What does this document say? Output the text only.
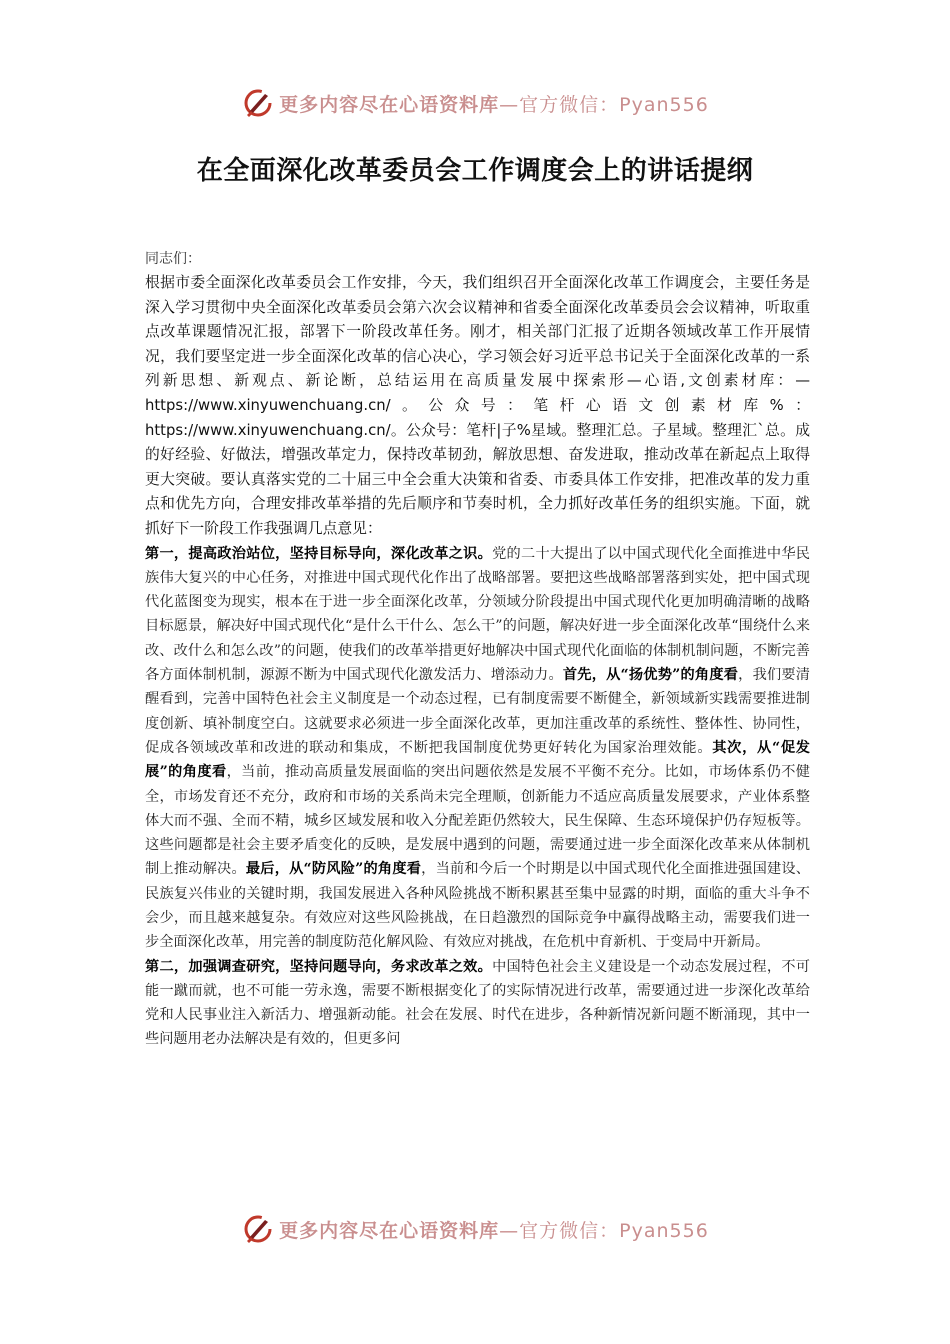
更多内容尽在心语资料库—官方微信：Pyan556
在全面深化改革委员会工作调度会上的讲话提纲

同志们：

根据市委全面深化改革委员会工作安排，今天，我们组织召开全面深化改革工作调度会，主要任务是深入学习贯彻中央全面深化改革委员会第六次会议精神和省委全面深化改革委员会会议精神，听取重点改革课题情况汇报，部署下一阶段改革任务。刚才，相关部门汇报了近期各领域改革工作开展情况，我们要坚定进一步全面深化改革的信心决心，学习领会好习近平总书记关于全面深化改革的一系列新思想、新观点、新论断，总结运用在高质量发展中探索形—心语,文创素材库：—https://www.xinyuwenchuang.cn/。公众号：笔杆心语文创素材库%：https://www.xinyuwenchuang.cn/。公众号：笔杆|子%星域。整理汇总。子星域。整理汇`总。成的好经验、好做法，增强改革定力，保持改革韧劲，解放思想、奋发进取，推动改革在新起点上取得更大突破。要认真落实党的二十届三中全会重大决策和省委、市委具体工作安排，把准改革的发力重点和优先方向，合理安排改革举措的先后顺序和节奏时机，全力抓好改革任务的组织实施。下面，就抓好下一阶段工作我强调几点意见：

第一，提高政治站位，坚持目标导向，深化改革之识。党的二十大提出了以中国式现代化全面推进中华民族伟大复兴的中心任务，对推进中国式现代化作出了战略部署。要把这些战略部署落到实处，把中国式现代化蓝图变为现实，根本在于进一步全面深化改革，分领域分阶段提出中国式现代化更加明确清晰的战略目标愿景，解决好中国式现代化“是什么干什么、怎么干”的问题，解决好进一步全面深化改革“围绕什么来改、改什么和怎么改”的问题，使我们的改革举措更好地解决中国式现代化面临的体制机制问题，不断完善各方面体制机制，源源不断为中国式现代化激发活力、增添动力。首先，从“扬优势”的角度看，我们要清醒看到，完善中国特色社会主义制度是一个动态过程，已有制度需要不断健全，新领域新实践需要推进制度创新、填补制度空白。这就要求必须进一步全面深化改革，更加注重改革的系统性、整体性、协同性，促成各领域改革和改进的联动和集成，不断把我国制度优势更好转化为国家治理效能。其次，从“促发展”的角度看，当前，推动高质量发展面临的突出问题依然是发展不平衡不充分。比如，市场体系仍不健全，市场发育还不充分，政府和市场的关系尚未完全理顺，创新能力不适应高质量发展要求，产业体系整体大而不强、全而不精，城乡区域发展和收入分配差距仍然较大，民生保障、生态环境保护仍存短板等。这些问题都是社会主要矛盾变化的反映，是发展中遇到的问题，需要通过进一步全面深化改革来从体制机制上推动解决。最后，从“防风险”的角度看，当前和今后一个时期是以中国式现代化全面推进强国建设、民族复兴伟业的关键时期，我国发展进入各种风险挑战不断积累甚至集中显露的时期，面临的重大斗争不会少，而且越来越复杂。有效应对这些风险挑战，在日趋激烈的国际竞争中赢得战略主动，需要我们进一步全面深化改革，用完善的制度防范化解风险、有效应对挑战，在危机中育新机、于变局中开新局。

第二，加强调查研究，坚持问题导向，务求改革之效。中国特色社会主义建设是一个动态发展过程，不可能一蹴而就，也不可能一劳永逸，需要不断根据变化了的实际情况进行改革，需要通过进一步深化改革给党和人民事业注入新活力、增强新动能。社会在发展、时代在进步，各种新情况新问题不断涌现，其中一些问题用老办法解决是有效的，但更多问

更多内容尽在心语资料库—官方微信：Pyan556
